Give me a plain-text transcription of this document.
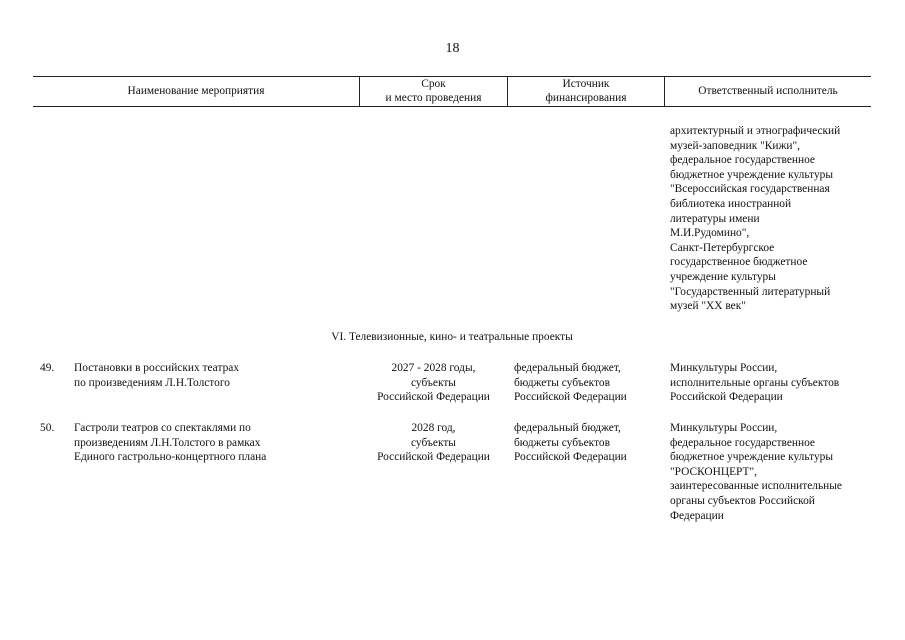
18
Наименование мероприятия
Срок
и место проведения
Источник
финансирования
Ответственный исполнитель
архитектурный и этнографический
музей-заповедник "Кижи",
федеральное государственное
бюджетное учреждение культуры
"Всероссийская государственная
библиотека иностранной
литературы имени
М.И.Рудомино",
Санкт-Петербургское
государственное бюджетное
учреждение культуры
"Государственный литературный
музей "XX век"
VI. Телевизионные, кино- и театральные проекты
49.	Постановки в российских театрах
по произведениям Л.Н.Толстого
2027 - 2028 годы,
субъекты
Российской Федерации
федеральный бюджет,
бюджеты субъектов
Российской Федерации
Минкультуры России,
исполнительные органы субъектов
Российской Федерации
50.	Гастроли театров со спектаклями по
произведениям Л.Н.Толстого в рамках
Единого гастрольно-концертного плана
2028 год,
субъекты
Российской Федерации
федеральный бюджет,
бюджеты субъектов
Российской Федерации
Минкультуры России,
федеральное государственное
бюджетное учреждение культуры
"РОСКОНЦЕРТ",
заинтересованные исполнительные
органы субъектов Российской
Федерации
